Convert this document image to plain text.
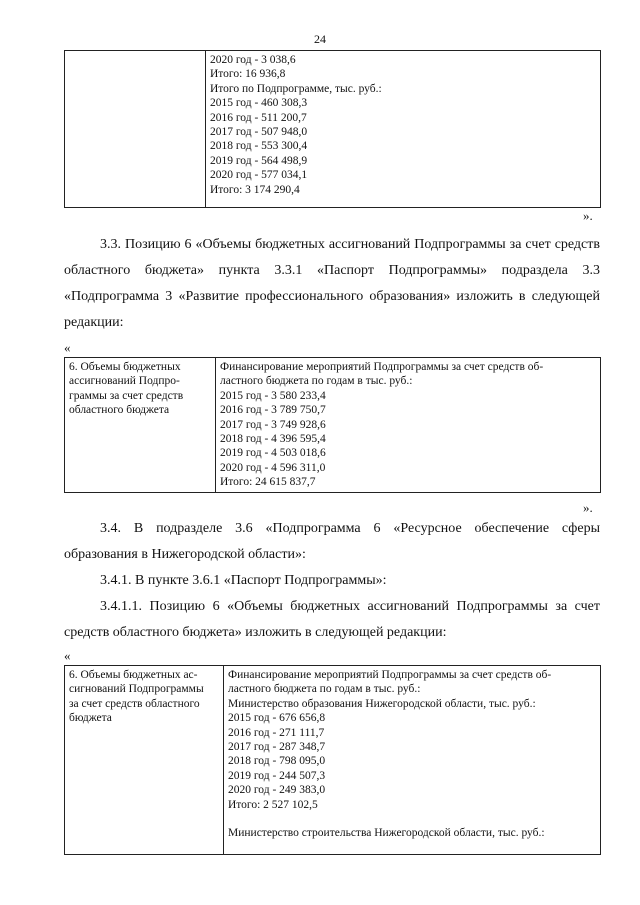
24

2020 год - 3 038,6
Итого: 16 936,8
Итого по Подпрограмме, тыс. руб.:
2015 год - 460 308,3
2016 год - 511 200,7
2017 год - 507 948,0
2018 год - 553 300,4
2019 год - 564 498,9
2020 год - 577 034,1
Итого: 3 174 290,4
».
3.3. Позицию 6 «Объемы бюджетных ассигнований Подпрограммы за счет средств областного бюджета» пункта 3.3.1 «Паспорт Подпрограммы» подраздела 3.3 «Подпрограмма 3 «Развитие профессионального образования» изложить в следующей редакции:
«
6. Объемы бюджетных
ассигнований Подпро-
граммы за счет средств
областного бюджета

Финансирование мероприятий Подпрограммы за счет средств об-
ластного бюджета по годам в тыс. руб.:
2015 год - 3 580 233,4
2016 год - 3 789 750,7
2017 год - 3 749 928,6
2018 год - 4 396 595,4
2019 год - 4 503 018,6
2020 год - 4 596 311,0
Итого: 24 615 837,7
».
3.4. В подразделе 3.6 «Подпрограмма 6 «Ресурсное обеспечение сферы образования в Нижегородской области»:
3.4.1. В пункте 3.6.1 «Паспорт Подпрограммы»:
3.4.1.1. Позицию 6 «Объемы бюджетных ассигнований Подпрограммы за счет средств областного бюджета» изложить в следующей редакции:
«
6. Объемы бюджетных ас-
сигнований Подпрограммы
за счет средств областного
бюджета

Финансирование мероприятий Подпрограммы за счет средств об-
ластного бюджета по годам в тыс. руб.:
Министерство образования Нижегородской области, тыс. руб.:
2015 год - 676 656,8
2016 год - 271 111,7
2017 год - 287 348,7
2018 год - 798 095,0
2019 год - 244 507,3
2020 год - 249 383,0
Итого: 2 527 102,5
Министерство строительства Нижегородской области, тыс. руб.:
